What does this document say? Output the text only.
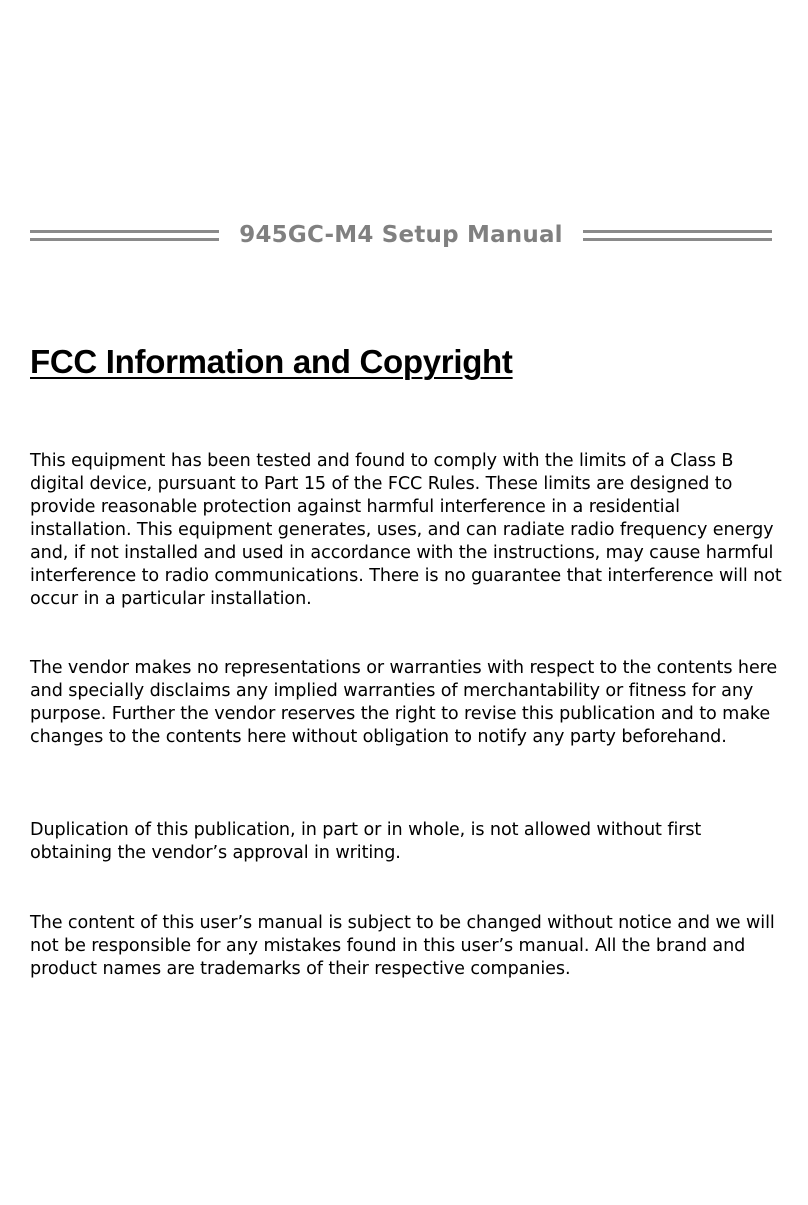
945GC-M4 Setup Manual
FCC Information and Copyright

This equipment has been tested and found to comply with the limits of a Class B digital device, pursuant to Part 15 of the FCC Rules. These limits are designed to provide reasonable protection against harmful interference in a residential installation. This equipment generates, uses, and can radiate radio frequency energy and, if not installed and used in accordance with the instructions, may cause harmful interference to radio communications. There is no guarantee that interference will not occur in a particular installation.

The vendor makes no representations or warranties with respect to the contents here and specially disclaims any implied warranties of merchantability or fitness for any purpose. Further the vendor reserves the right to revise this publication and to make changes to the contents here without obligation to notify any party beforehand.

Duplication of this publication, in part or in whole, is not allowed without first obtaining the vendor’s approval in writing.

The content of this user’s manual is subject to be changed without notice and we will not be responsible for any mistakes found in this user’s manual. All the brand and product names are trademarks of their respective companies.
